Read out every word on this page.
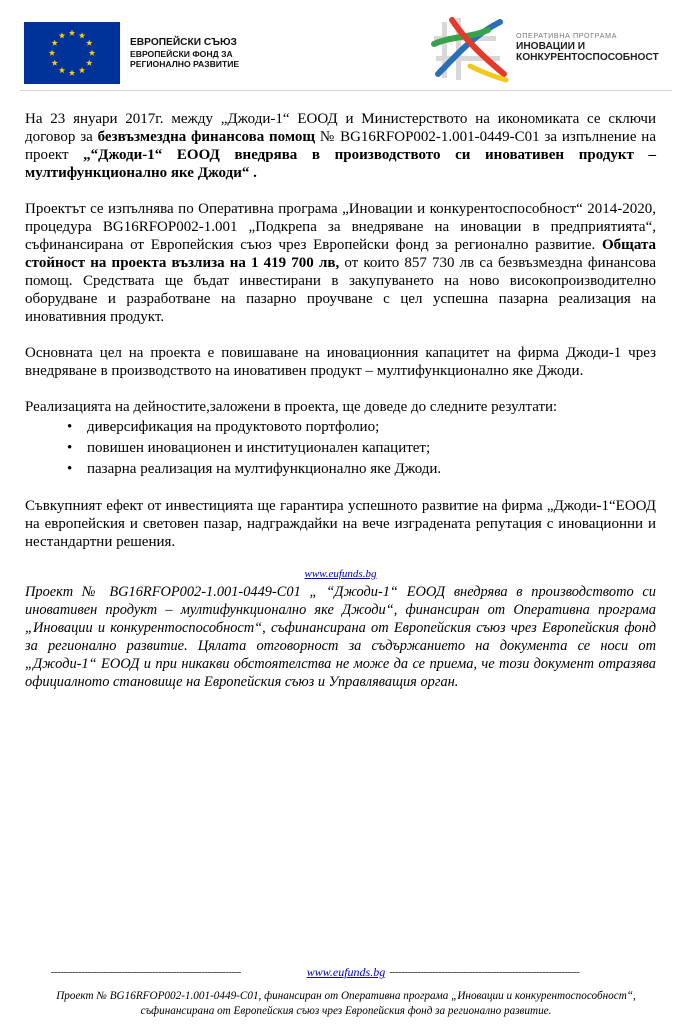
ЕВРОПЕЙСКИ СЪЮЗ
ЕВРОПЕЙСКИ ФОНД ЗА
РЕГИОНАЛНО РАЗВИТИЕ
ОПЕРАТИВНА ПРОГРАМА
ИНОВАЦИИ И
КОНКУРЕНТОСПОСОБНОСТ

На 23 януари 2017г. между „Джоди-1“ ЕООД и Министерството на икономиката се сключи договор за безвъзмездна финансова помощ № BG16RFOP002-1.001-0449-C01 за изпълнение на проект „“Джоди-1“ ЕООД внедрява в производството си иновативен продукт – мултифункционално яке Джоди“ .

Проектът се изпълнява по Оперативна програма „Иновации и конкурентоспособност“ 2014-2020, процедура BG16RFOP002-1.001 „Подкрепа за внедряване на иновации в предприятията“, съфинансирана от Европейския съюз чрез Европейски фонд за регионално развитие. Общата стойност на проекта възлиза на 1 419 700 лв, от които 857 730 лв са безвъзмездна финансова помощ. Средствата ще бъдат инвестирани в закупуването на ново високопроизводително оборудване и разработване на пазарно проучване с цел успешна пазарна реализация на иновативния продукт.

Основната цел на проекта е повишаване на иновационния капацитет на фирма Джоди-1 чрез внедряване в производството на иновативен продукт – мултифункционално яке Джоди.

Реализацията на дейностите,заложени в проекта, ще доведе до следните резултати:

• диверсификация на продуктовото портфолио;
• повишен иновационен и институционален капацитет;
• пазарна реализация на мултифункционално яке Джоди.

Съвкупният ефект от инвестицията ще гарантира успешното развитие на фирма „Джоди-1“ЕООД на европейския и световен пазар, надграждайки на вече изградената репутация с иновационни и нестандартни решения.

www.eufunds.bg

Проект № BG16RFOP002-1.001-0449-C01 „ “Джоди-1“ ЕООД внедрява в производството си иновативен продукт – мултифункционално яке Джоди“, финансиран от Оперативна програма „Иновации и конкурентоспособност“, съфинансирана от Европейския съюз чрез Европейския фонд за регионално развитие. Цялата отговорност за съдържанието на документа се носи от „Джоди-1“ ЕООД и при никакви обстоятелства не може да се приема, че този документ отразява официалното становище на Европейския съюз и Управляващия орган.

--------------------------------------------------------------	www.eufunds.bg --------------------------------------------------------------

Проект № BG16RFOP002-1.001-0449-C01, финансиран от Оперативна програма „Иновации и конкурентоспособност“, съфинансирана от Европейския съюз чрез Европейския фонд за регионално развитие.
